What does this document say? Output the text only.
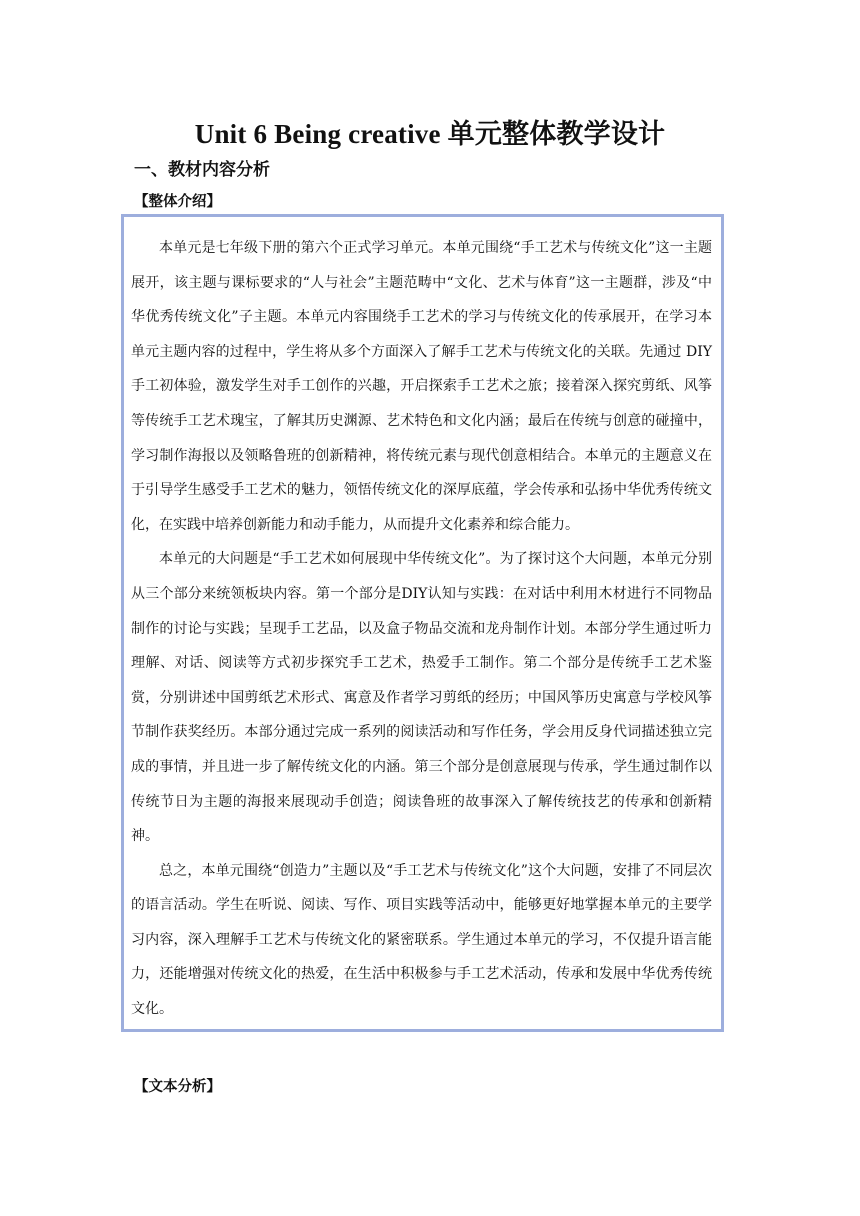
Unit 6 Being creative 单元整体教学设计
一、教材内容分析
【整体介绍】

本单元是七年级下册的第六个正式学习单元。本单元围绕“手工艺术与传统文化”这一主题展开，该主题与课标要求的“人与社会”主题范畴中“文化、艺术与体育”这一主题群，涉及“中华优秀传统文化”子主题。本单元内容围绕手工艺术的学习与传统文化的传承展开，在学习本单元主题内容的过程中，学生将从多个方面深入了解手工艺术与传统文化的关联。先通过 DIY 手工初体验，激发学生对手工创作的兴趣，开启探索手工艺术之旅；接着深入探究剪纸、风筝等传统手工艺术瑰宝，了解其历史渊源、艺术特色和文化内涵；最后在传统与创意的碰撞中，学习制作海报以及领略鲁班的创新精神，将传统元素与现代创意相结合。本单元的主题意义在于引导学生感受手工艺术的魅力，领悟传统文化的深厚底蕴，学会传承和弘扬中华优秀传统文化，在实践中培养创新能力和动手能力，从而提升文化素养和综合能力。

本单元的大问题是“手工艺术如何展现中华传统文化”。为了探讨这个大问题，本单元分别从三个部分来统领板块内容。第一个部分是DIY认知与实践：在对话中利用木材进行不同物品制作的讨论与实践；呈现手工艺品，以及盒子物品交流和龙舟制作计划。本部分学生通过听力理解、对话、阅读等方式初步探究手工艺术，热爱手工制作。第二个部分是传统手工艺术鉴赏，分别讲述中国剪纸艺术形式、寓意及作者学习剪纸的经历；中国风筝历史寓意与学校风筝节制作获奖经历。本部分通过完成一系列的阅读活动和写作任务，学会用反身代词描述独立完成的事情，并且进一步了解传统文化的内涵。第三个部分是创意展现与传承，学生通过制作以传统节日为主题的海报来展现动手创造；阅读鲁班的故事深入了解传统技艺的传承和创新精神。

总之，本单元围绕“创造力”主题以及“手工艺术与传统文化”这个大问题，安排了不同层次的语言活动。学生在听说、阅读、写作、项目实践等活动中，能够更好地掌握本单元的主要学习内容，深入理解手工艺术与传统文化的紧密联系。学生通过本单元的学习，不仅提升语言能力，还能增强对传统文化的热爱，在生活中积极参与手工艺术活动，传承和发展中华优秀传统文化。

【文本分析】
